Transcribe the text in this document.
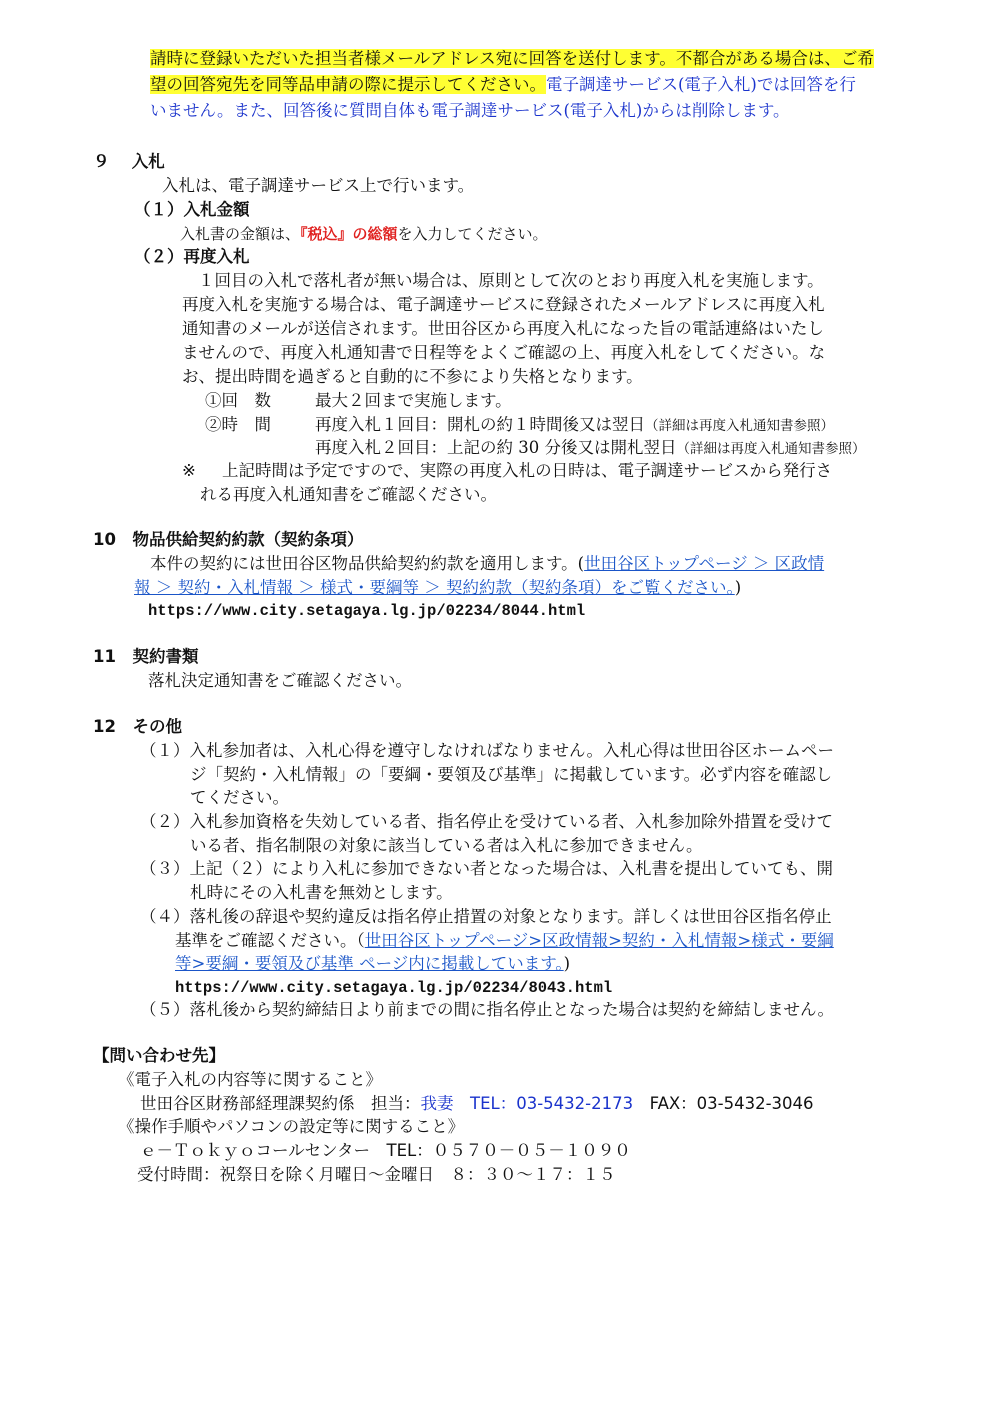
請時に登録いただいた担当者様メールアドレス宛に回答を送付します。不都合がある場合は、ご希
望の回答宛先を同等品申請の際に提示してください。電子調達サービス(電子入札)では回答を行
いません。また、回答後に質問自体も電子調達サービス(電子入札)からは削除します。
９　 入札
入札は、電子調達サービス上で行います。
（１）入札金額
入札書の金額は、『税込』の総額を入力してください。
（２）再度入札
１回目の入札で落札者が無い場合は、原則として次のとおり再度入札を実施します。
再度入札を実施する場合は、電子調達サービスに登録されたメールアドレスに再度入札
通知書のメールが送信されます。世田谷区から再度入札になった旨の電話連絡はいたし
ませんので、再度入札通知書で日程等をよくご確認の上、再度入札をしてください。な
お、提出時間を過ぎると自動的に不参により失格となります。
①回　数	最大２回まで実施します。
②時　間	再度入札１回目：開札の約１時間後又は翌日（詳細は再度入札通知書参照）
再度入札２回目：上記の約 30 分後又は開札翌日（詳細は再度入札通知書参照）
※ 上記時間は予定ですので、実際の再度入札の日時は、電子調達サービスから発行さ
れる再度入札通知書をご確認ください。
10　 物品供給契約約款（契約条項）
本件の契約には世田谷区物品供給契約約款を適用します。(世田谷区トップページ ＞ 区政情
報 ＞ 契約・入札情報 ＞ 様式・要綱等 ＞ 契約約款（契約条項）をご覧ください。)
https://www.city.setagaya.lg.jp/02234/8044.html
11　 契約書類
落札決定通知書をご確認ください。
12　 その他
（１）入札参加者は、入札心得を遵守しなければなりません。入札心得は世田谷区ホームペー
ジ「契約・入札情報」の「要綱・要領及び基準」に掲載しています。必ず内容を確認し
てください。
（２）入札参加資格を失効している者、指名停止を受けている者、入札参加除外措置を受けて
いる者、指名制限の対象に該当している者は入札に参加できません。
（３）上記（２）により入札に参加できない者となった場合は、入札書を提出していても、開
札時にその入札書を無効とします。
（４）落札後の辞退や契約違反は指名停止措置の対象となります。詳しくは世田谷区指名停止
基準をご確認ください。（世田谷区トップページ>区政情報>契約・入札情報>様式・要綱
等>要綱・要領及び基準 ページ内に掲載しています。)
https://www.city.setagaya.lg.jp/02234/8043.html
（５）落札後から契約締結日より前までの間に指名停止となった場合は契約を締結しません。
【問い合わせ先】
《電子入札の内容等に関すること》
世田谷区財務部経理課契約係　担当：我妻　 TEL：03-5432-2173　 FAX：03-5432-3046
《操作手順やパソコンの設定等に関すること》
ｅ－Ｔｏｋｙｏコールセンター　TEL：０５７０－０５－１０９０
受付時間：祝祭日を除く月曜日～金曜日　８：３０～１７：１５
